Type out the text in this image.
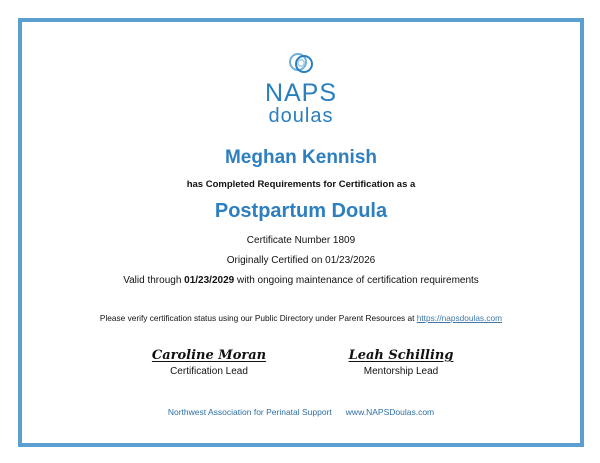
NAPS
doulas
Meghan Kennish
has Completed Requirements for Certification as a
Postpartum Doula
Certificate Number 1809
Originally Certified on 01/23/2026
Valid through 01/23/2029 with ongoing maintenance of certification requirements
Please verify certification status using our Public Directory under Parent Resources at https://napsdoulas.com
Caroline Moran
Certification Lead
Leah Schilling
Mentorship Lead
Northwest Association for Perinatal Support www.NAPSDoulas.com
